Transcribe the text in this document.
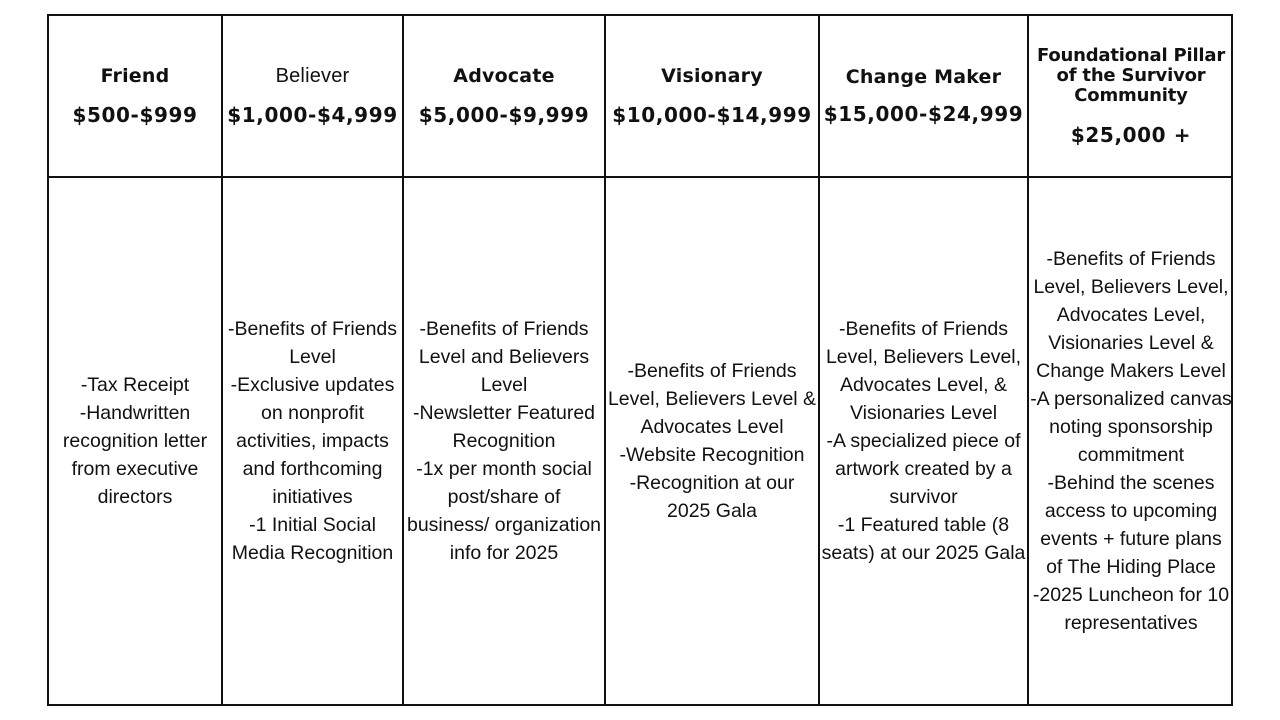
Friend
$500-$999
Believer
$1,000-$4,999
Advocate
$5,000-$9,999
Visionary
$10,000-$14,999
Change Maker
$15,000-$24,999
Foundational Pillar of the Survivor Community
$25,000 +
-Tax Receipt
-Handwritten recognition letter from executive directors
-Benefits of Friends Level
-Exclusive updates on nonprofit activities, impacts and forthcoming initiatives
-1 Initial Social Media Recognition
-Benefits of Friends Level and Believers Level
-Newsletter Featured Recognition
-1x per month social post/share of business/ organization info for 2025
-Benefits of Friends Level, Believers Level & Advocates Level
-Website Recognition
-Recognition at our 2025 Gala
-Benefits of Friends Level, Believers Level, Advocates Level, & Visionaries Level
-A specialized piece of artwork created by a survivor
-1 Featured table (8 seats) at our 2025 Gala
-Benefits of Friends Level, Believers Level, Advocates Level, Visionaries Level & Change Makers Level
-A personalized canvas noting sponsorship commitment
-Behind the scenes access to upcoming events + future plans of The Hiding Place
-2025 Luncheon for 10 representatives
